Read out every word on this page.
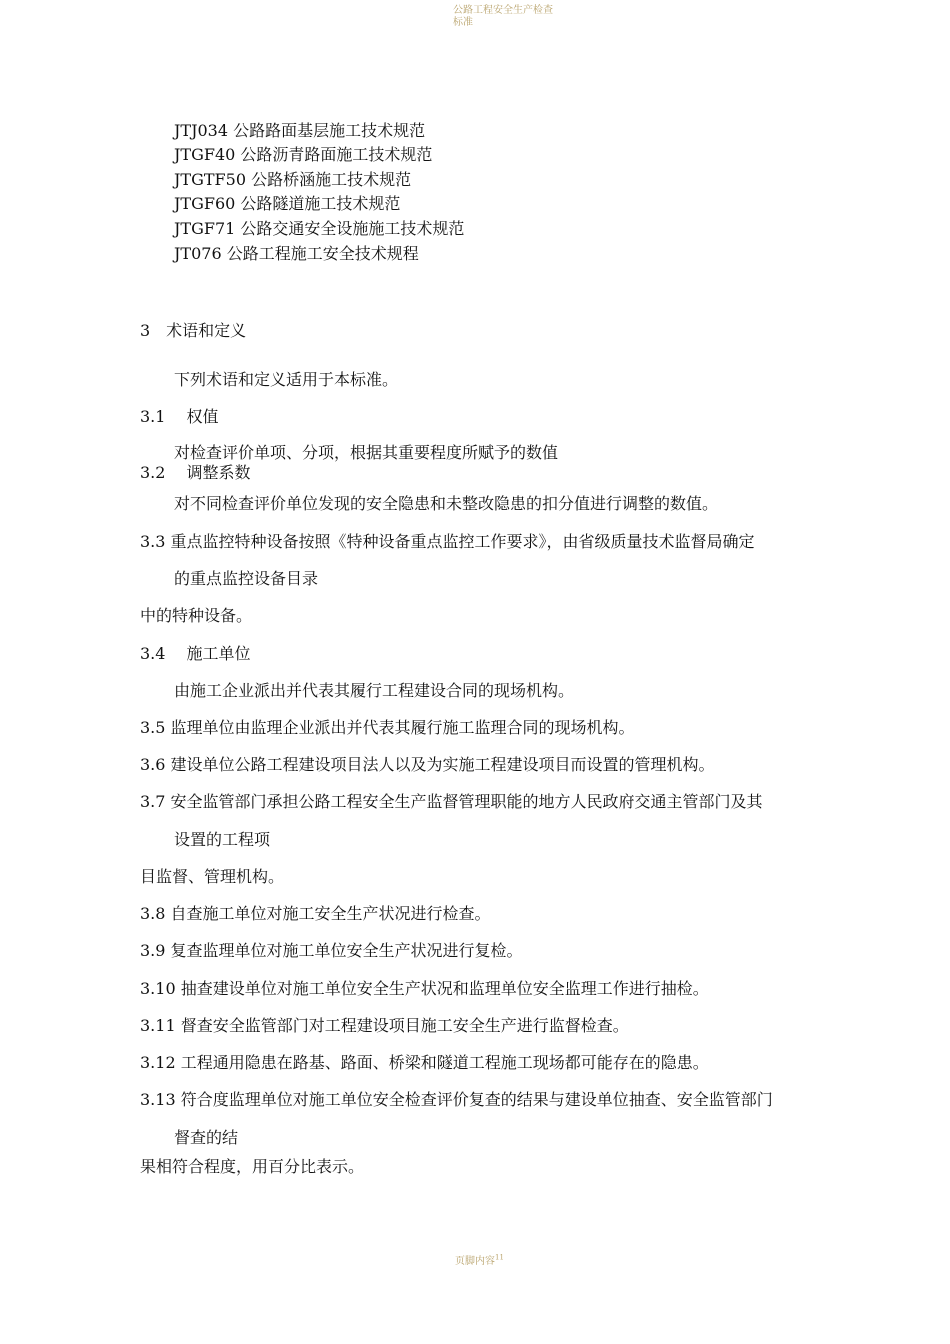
公路工程安全生产检查
标准
JTJ034 公路路面基层施工技术规范
JTGF40 公路沥青路面施工技术规范
JTGTF50 公路桥涵施工技术规范
JTGF60 公路隧道施工技术规范
JTGF71 公路交通安全设施施工技术规范
JT076 公路工程施工安全技术规程
3　术语和定义
下列术语和定义适用于本标准。
3.1　 权值
对检查评价单项、分项，根据其重要程度所赋予的数值
3.2　 调整系数
对不同检查评价单位发现的安全隐患和未整改隐患的扣分值进行调整的数值。
3.3 重点监控特种设备按照《特种设备重点监控工作要求》，由省级质量技术监督局确定
的重点监控设备目录
中的特种设备。
3.4　 施工单位
由施工企业派出并代表其履行工程建设合同的现场机构。
3.5 监理单位由监理企业派出并代表其履行施工监理合同的现场机构。
3.6 建设单位公路工程建设项目法人以及为实施工程建设项目而设置的管理机构。
3.7 安全监管部门承担公路工程安全生产监督管理职能的地方人民政府交通主管部门及其
设置的工程项
目监督、管理机构。
3.8 自查施工单位对施工安全生产状况进行检查。
3.9 复查监理单位对施工单位安全生产状况进行复检。
3.10 抽查建设单位对施工单位安全生产状况和监理单位安全监理工作进行抽检。
3.11 督查安全监管部门对工程建设项目施工安全生产进行监督检查。
3.12 工程通用隐患在路基、路面、桥梁和隧道工程施工现场都可能存在的隐患。
3.13 符合度监理单位对施工单位安全检查评价复查的结果与建设单位抽查、安全监管部门
督查的结
果相符合程度，用百分比表示。
页脚内容$^{11}$
